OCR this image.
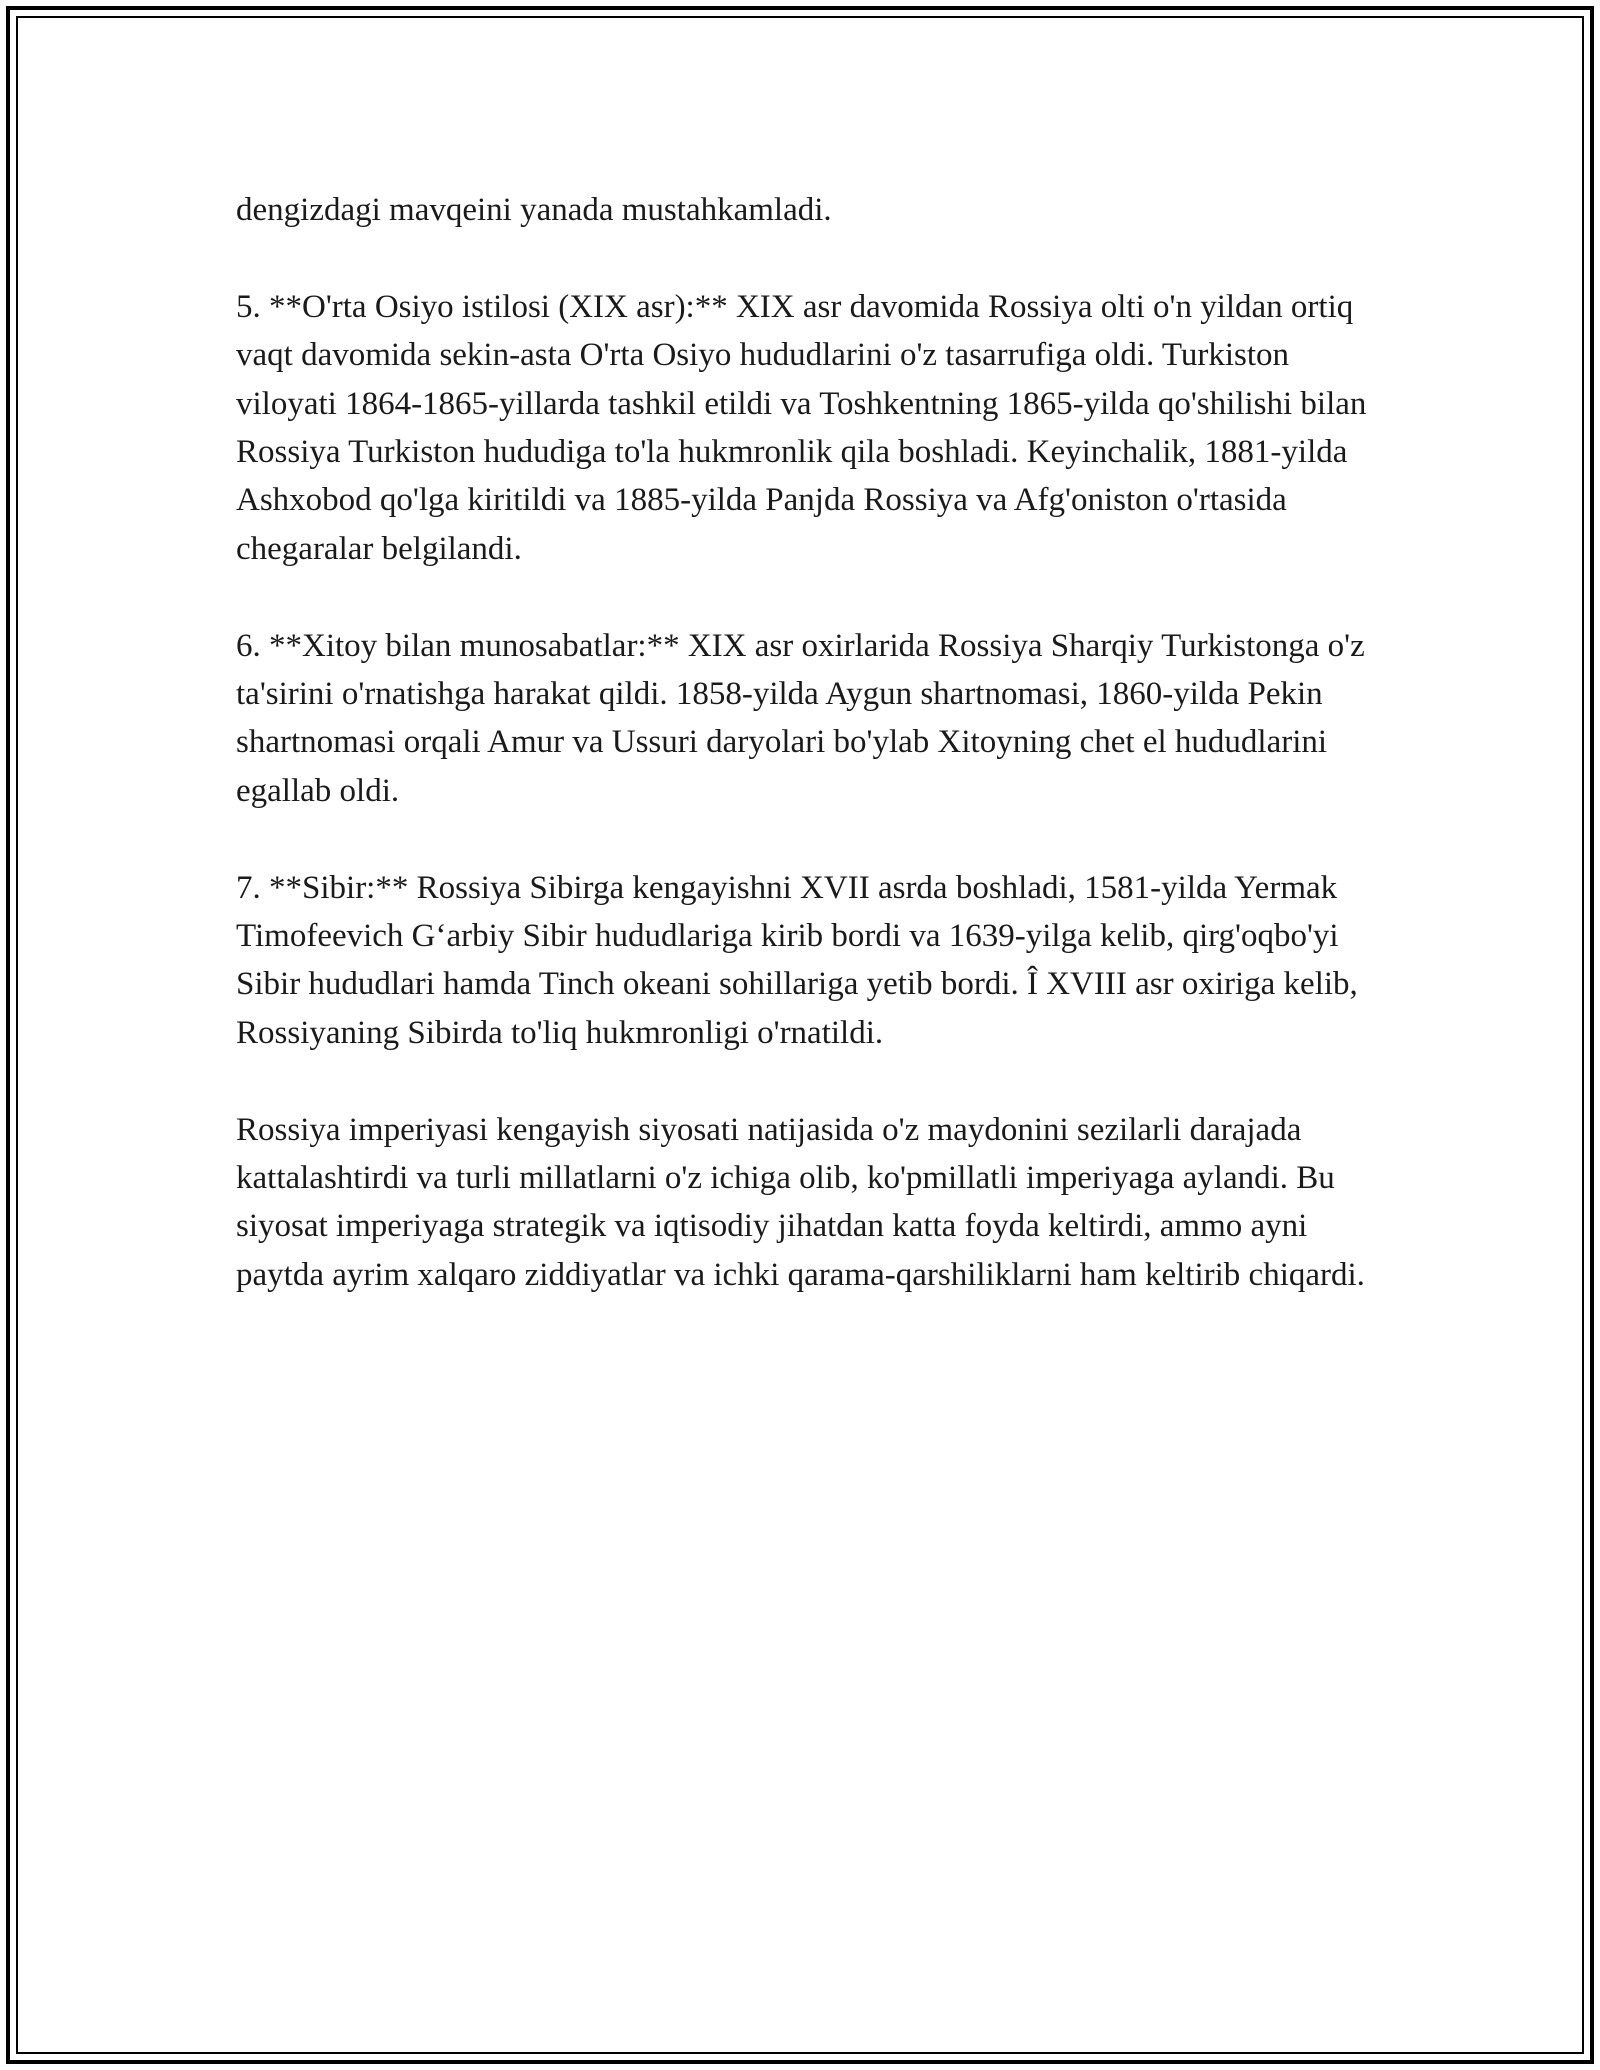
dengizdagi mavqeini yanada mustahkamladi.

5. **O'rta Osiyo istilosi (XIX asr):** XIX asr davomida Rossiya olti o'n yildan ortiq vaqt davomida sekin-asta O'rta Osiyo hududlarini o'z tasarrufiga oldi. Turkiston viloyati 1864-1865-yillarda tashkil etildi va Toshkentning 1865-yilda qo'shilishi bilan Rossiya Turkiston hududiga to'la hukmronlik qila boshladi. Keyinchalik, 1881-yilda Ashxobod qo'lga kiritildi va 1885-yilda Panjda Rossiya va Afg'oniston o'rtasida chegaralar belgilandi.

6. **Xitoy bilan munosabatlar:** XIX asr oxirlarida Rossiya Sharqiy Turkistonga o'z ta'sirini o'rnatishga harakat qildi. 1858-yilda Aygun shartnomasi, 1860-yilda Pekin shartnomasi orqali Amur va Ussuri daryolari bo'ylab Xitoyning chet el hududlarini egallab oldi.

7. **Sibir:** Rossiya Sibirga kengayishni XVII asrda boshladi, 1581-yilda Yermak Timofeevich G‘arbiy Sibir hududlariga kirib bordi va 1639-yilga kelib, qirg'oqbo'yi Sibir hududlari hamda Tinch okeani sohillariga yetib bordi. Î XVIII asr oxiriga kelib, Rossiyaning Sibirda to'liq hukmronligi o'rnatildi.

Rossiya imperiyasi kengayish siyosati natijasida o'z maydonini sezilarli darajada kattalashtirdi va turli millatlarni o'z ichiga olib, ko'pmillatli imperiyaga aylandi. Bu siyosat imperiyaga strategik va iqtisodiy jihatdan katta foyda keltirdi, ammo ayni paytda ayrim xalqaro ziddiyatlar va ichki qarama-qarshiliklarni ham keltirib chiqardi.
